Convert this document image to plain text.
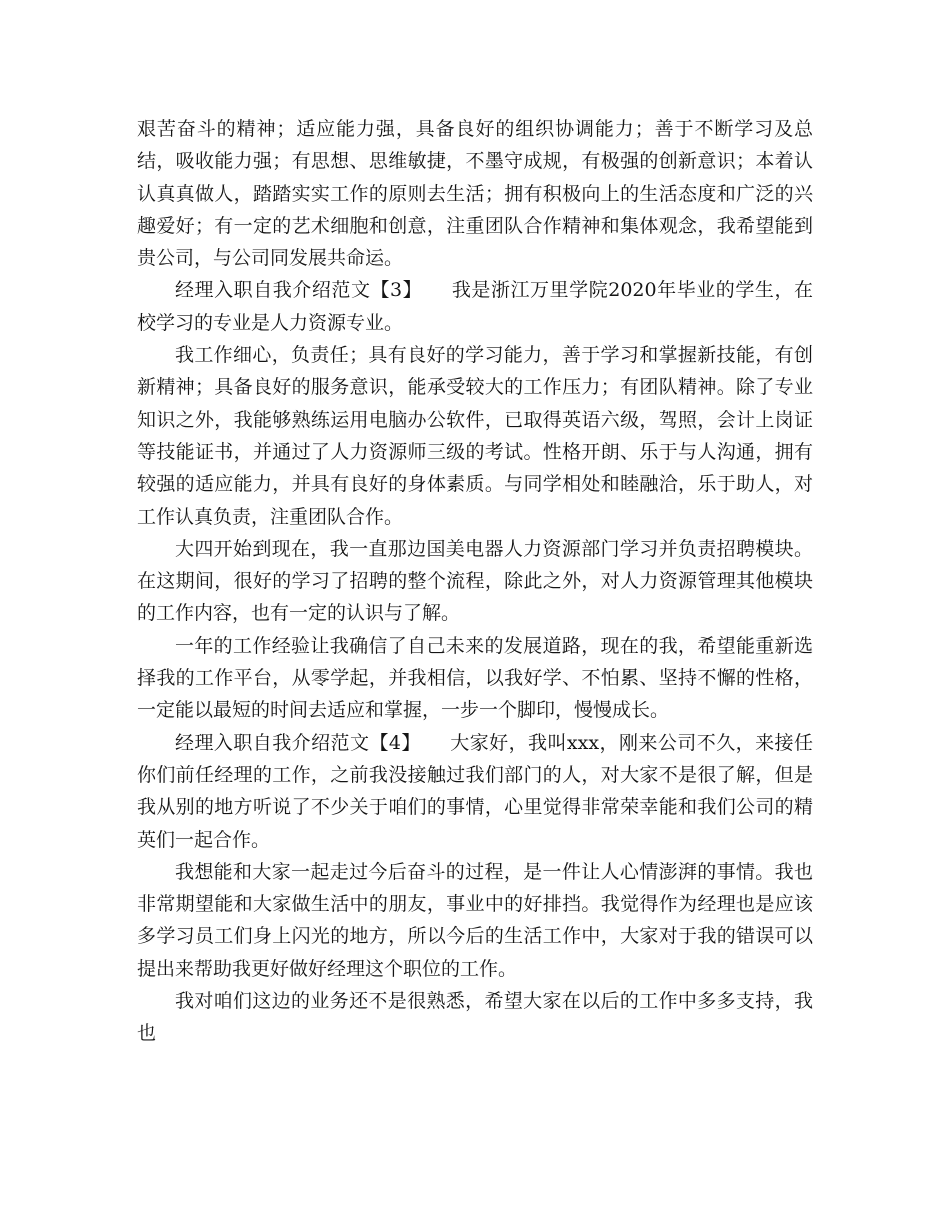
艰苦奋斗的精神；适应能力强，具备良好的组织协调能力；善于不断学习及总结，吸收能力强；有思想、思维敏捷，不墨守成规，有极强的创新意识；本着认认真真做人，踏踏实实工作的原则去生活；拥有积极向上的生活态度和广泛的兴趣爱好；有一定的艺术细胞和创意，注重团队合作精神和集体观念，我希望能到贵公司，与公司同发展共命运。

经理入职自我介绍范文【3】　　 我是浙江万里学院2020年毕业的学生，在校学习的专业是人力资源专业。

我工作细心，负责任；具有良好的学习能力，善于学习和掌握新技能，有创新精神；具备良好的服务意识，能承受较大的工作压力；有团队精神。除了专业知识之外，我能够熟练运用电脑办公软件，已取得英语六级，驾照，会计上岗证等技能证书，并通过了人力资源师三级的考试。性格开朗、乐于与人沟通，拥有较强的适应能力，并具有良好的身体素质。与同学相处和睦融洽，乐于助人，对工作认真负责，注重团队合作。

大四开始到现在，我一直那边国美电器人力资源部门学习并负责招聘模块。在这期间，很好的学习了招聘的整个流程，除此之外，对人力资源管理其他模块的工作内容，也有一定的认识与了解。

一年的工作经验让我确信了自己未来的发展道路，现在的我，希望能重新选择我的工作平台，从零学起，并我相信，以我好学、不怕累、坚持不懈的性格，一定能以最短的时间去适应和掌握，一步一个脚印，慢慢成长。

经理入职自我介绍范文【4】　　 大家好，我叫xxx，刚来公司不久，来接任你们前任经理的工作，之前我没接触过我们部门的人，对大家不是很了解，但是我从别的地方听说了不少关于咱们的事情，心里觉得非常荣幸能和我们公司的精英们一起合作。

我想能和大家一起走过今后奋斗的过程，是一件让人心情澎湃的事情。我也非常期望能和大家做生活中的朋友，事业中的好排挡。我觉得作为经理也是应该多学习员工们身上闪光的地方，所以今后的生活工作中，大家对于我的错误可以提出来帮助我更好做好经理这个职位的工作。

我对咱们这边的业务还不是很熟悉，希望大家在以后的工作中多多支持，我也
